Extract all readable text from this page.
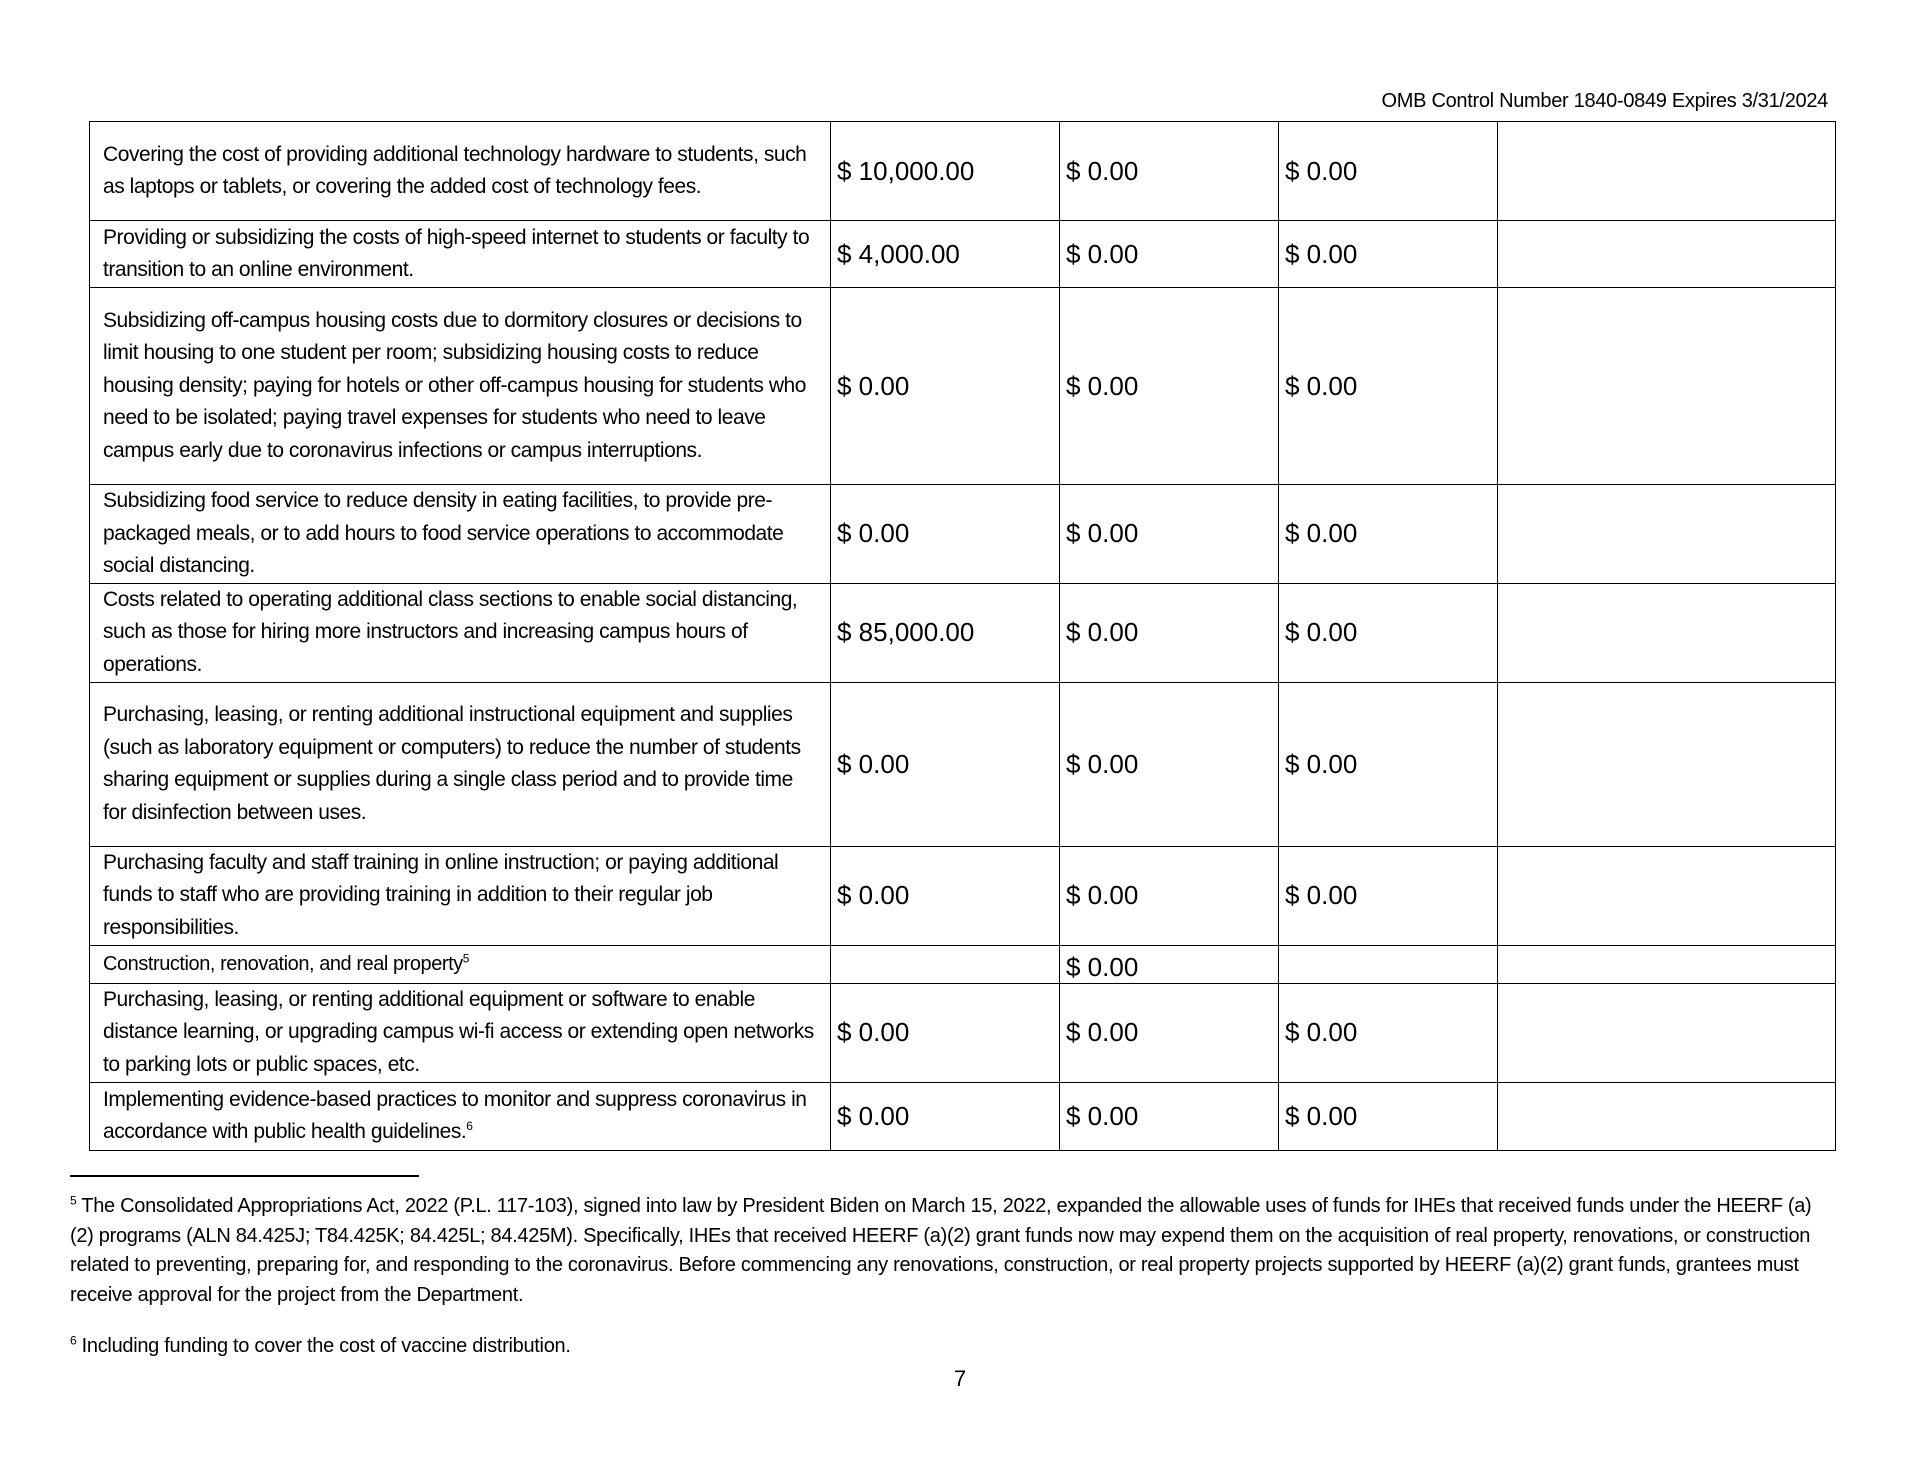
OMB Control Number 1840-0849 Expires 3/31/2024
Covering the cost of providing additional technology hardware to students, such as laptops or tablets, or covering the added cost of technology fees.	$ 10,000.00	$ 0.00	$ 0.00	
Providing or subsidizing the costs of high-speed internet to students or faculty to transition to an online environment.	$ 4,000.00	$ 0.00	$ 0.00	
Subsidizing off-campus housing costs due to dormitory closures or decisions to limit housing to one student per room; subsidizing housing costs to reduce housing density; paying for hotels or other off-campus housing for students who need to be isolated; paying travel expenses for students who need to leave campus early due to coronavirus infections or campus interruptions.	$ 0.00	$ 0.00	$ 0.00	
Subsidizing food service to reduce density in eating facilities, to provide pre-packaged meals, or to add hours to food service operations to accommodate social distancing.	$ 0.00	$ 0.00	$ 0.00	
Costs related to operating additional class sections to enable social distancing, such as those for hiring more instructors and increasing campus hours of operations.	$ 85,000.00	$ 0.00	$ 0.00	
Purchasing, leasing, or renting additional instructional equipment and supplies (such as laboratory equipment or computers) to reduce the number of students sharing equipment or supplies during a single class period and to provide time for disinfection between uses.	$ 0.00	$ 0.00	$ 0.00	
Purchasing faculty and staff training in online instruction; or paying additional funds to staff who are providing training in addition to their regular job responsibilities.	$ 0.00	$ 0.00	$ 0.00	
Construction, renovation, and real property$^5$		$ 0.00		
Purchasing, leasing, or renting additional equipment or software to enable distance learning, or upgrading campus wi-fi access or extending open networks to parking lots or public spaces, etc.	$ 0.00	$ 0.00	$ 0.00	
Implementing evidence-based practices to monitor and suppress coronavirus in accordance with public health guidelines.$^6$	$ 0.00	$ 0.00	$ 0.00	
$^5$ The Consolidated Appropriations Act, 2022 (P.L. 117-103), signed into law by President Biden on March 15, 2022, expanded the allowable uses of funds for IHEs that received funds under the HEERF (a)(2) programs (ALN 84.425J; T84.425K; 84.425L; 84.425M). Specifically, IHEs that received HEERF (a)(2) grant funds now may expend them on the acquisition of real property, renovations, or construction related to preventing, preparing for, and responding to the coronavirus. Before commencing any renovations, construction, or real property projects supported by HEERF (a)(2) grant funds, grantees must receive approval for the project from the Department.
$^6$ Including funding to cover the cost of vaccine distribution.
7
